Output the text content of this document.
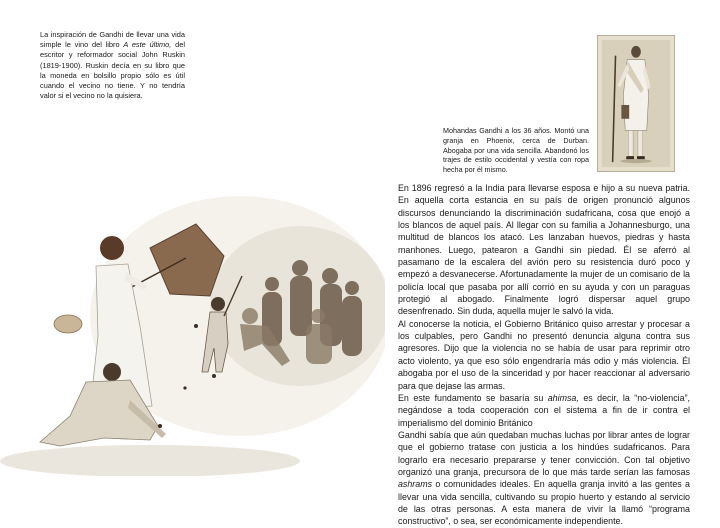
La inspiración de Gandhi de llevar una vida simple le vino del libro A este último, del escritor y reformador social John Ruskin (1819-1900). Ruskin decía en su libro que la moneda en bolsillo propio sólo es útil cuando el vecino no tiene. Y no tendría valor si el vecino no la quisiera.
Mohandas Gandhi a los 36 años. Montó una granja en Phoenix, cerca de Durban. Abogaba por una vida sencilla. Abandonó los trajes de estilo occidental y vestía con ropa hecha por él mismo.

En 1896 regresó a la India para llevarse esposa e hijo a su nueva patria. En aquella corta estancia en su país de origen pronunció algunos discursos denunciando la discriminación sudafricana, cosa que enojó a los blancos de aquel país. Al llegar con su familia a Johannesburgo, una multitud de blancos los atacó. Les lanzaban huevos, piedras y hasta manhones. Luego, patearon a Gandhi sin piedad. Él se aferró al pasamano de la escalera del avión pero su resistencia duró poco y empezó a desvanecerse. Afortunadamente la mujer de un comisario de la policía local que pasaba por allí corrió en su ayuda y con un paraguas protegió al abogado. Finalmente logró dispersar aquel grupo desenfrenado. Sin duda, aquella mujer le salvó la vida.

Al conocerse la noticia, el Gobierno Británico quiso arrestar y procesar a los culpables, pero Gandhi no presentó denuncia alguna contra sus agresores. Dijo que la violencia no se había de usar para reprimir otro acto violento, ya que eso sólo engendraría más odio y más violencia. Él abogaba por el uso de la sinceridad y por hacer reaccionar al adversario para que dejase las armas.

En este fundamento se basaría su ahimsa, es decir, la “no-violencia”, negándose a toda cooperación con el sistema a fin de ir contra el imperialismo del dominio Británico

Gandhi sabía que aún quedaban muchas luchas por librar antes de lograr que el gobierno tratase con justicia a los hindúes sudafricanos. Para lograrlo era necesario prepararse y tener convicción. Con tal objetivo organizó una granja, precursora de lo que más tarde serían las famosas ashrams o comunidades ideales. En aquella granja invitó a las gentes a llevar una vida sencilla, cultivando su propio huerto y estando al servicio de las otras personas. A esta manera de vivir la llamó “programa constructivo”, o sea, ser económicamente independiente.
